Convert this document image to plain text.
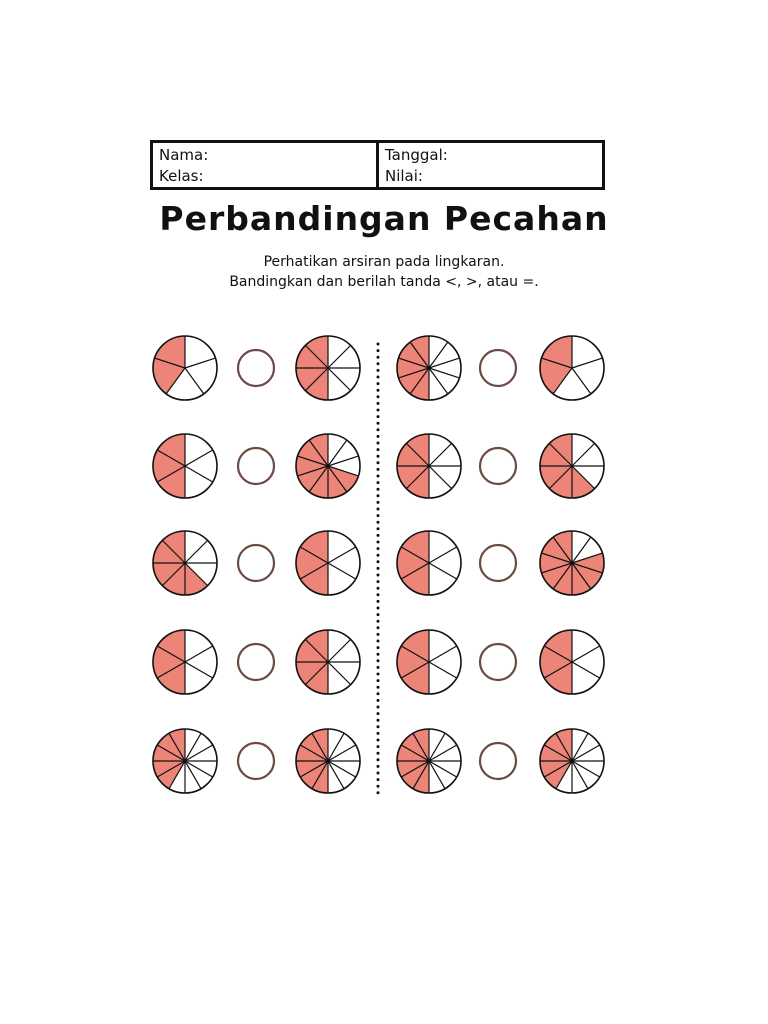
Nama:
Kelas:
Tanggal:
Nilai:
Perbandingan Pecahan
Perhatikan arsiran pada lingkaran.
Bandingkan dan berilah tanda <, >, atau =.
